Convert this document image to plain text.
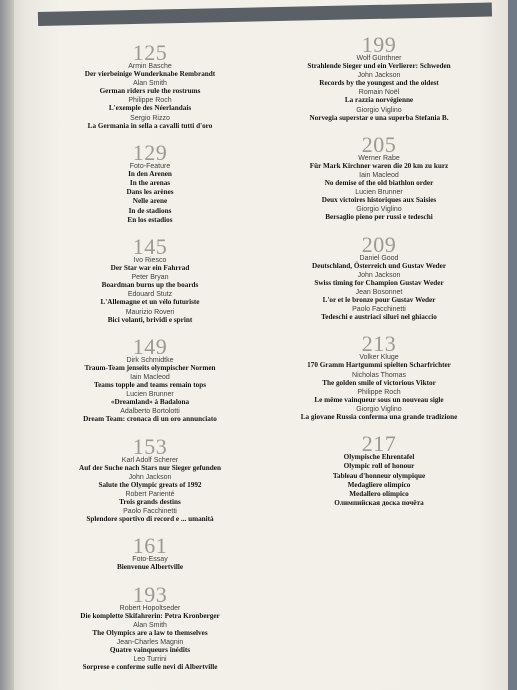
125
Armin Basche
Der vierbeinige Wunderknabe Rembrandt
Alan Smith
German riders rule the rostrums
Philippe Roch
L'exemple des Néerlandais
Sergio Rizzo
La Germania in sella a cavalli tutti d'oro
129
Foto-Feature
In den Arenen
In the arenas
Dans les arènes
Nelle arene
In de stadions
En los estadios
145
Ivo Riesco
Der Star war ein Fahrrad
Peter Bryan
Boardman burns up the boards
Edouard Stutz
L'Allemagne et un vélo futuriste
Maurizio Roveri
Bici volanti, brividi e sprint
149
Dirk Schmidtke
Traum-Team jenseits olympischer Normen
Iain Macleod
Teams topple and teams remain tops
Lucien Brunner
«Dreamland» à Badalona
Adalberto Bortolotti
Dream Team: cronaca di un oro annunciato
153
Karl Adolf Scherer
Auf der Suche nach Stars nur Sieger gefunden
John Jackson
Salute the Olympic greats of 1992
Robert Parienté
Trois grands destins
Paolo Facchinetti
Splendore sportivo di record e ... umanità
161
Foto-Essay
Bienvenue Albertville
193
Robert Hopoltseder
Die komplette Skifahrerin: Petra Kronberger
Alan Smith
The Olympics are a law to themselves
Jean-Charles Magnin
Quatre vainqueurs inédits
Leo Turrini
Sorprese e conferme sulle nevi di Albertville
199
Wolf Günthner
Strahlende Sieger und ein Verlierer: Schweden
John Jackson
Records by the youngest and the oldest
Romain Noël
La razzia norvégienne
Giorgio Viglino
Norvegia superstar e una superba Stefania B.
205
Werner Rabe
Für Mark Kirchner waren die 20 km zu kurz
Iain Macleod
No demise of the old biathlon order
Lucien Brunner
Deux victoires historiques aux Saisies
Giorgio Viglino
Bersaglio pieno per russi e tedeschi
209
Daniel Good
Deutschland, Österreich und Gustav Weder
John Jackson
Swiss timing for Champion Gustav Weder
Jean Bosonnet
L'or et le bronze pour Gustav Weder
Paolo Facchinetti
Tedeschi e austriaci siluri nel ghiaccio
213
Volker Kluge
170 Gramm Hartgummi spielten Scharfrichter
Nicholas Thomas
The golden smile of victorious Viktor
Philippe Roch
Le même vainqueur sous un nouveau sigle
Giorgio Viglino
La giovane Russia conferma una grande tradizione
217
Olympische Ehrentafel
Olympic roll of honour
Tableau d'honneur olympique
Medagliere olimpico
Medallero olímpico
Олимпийская доска почёта
